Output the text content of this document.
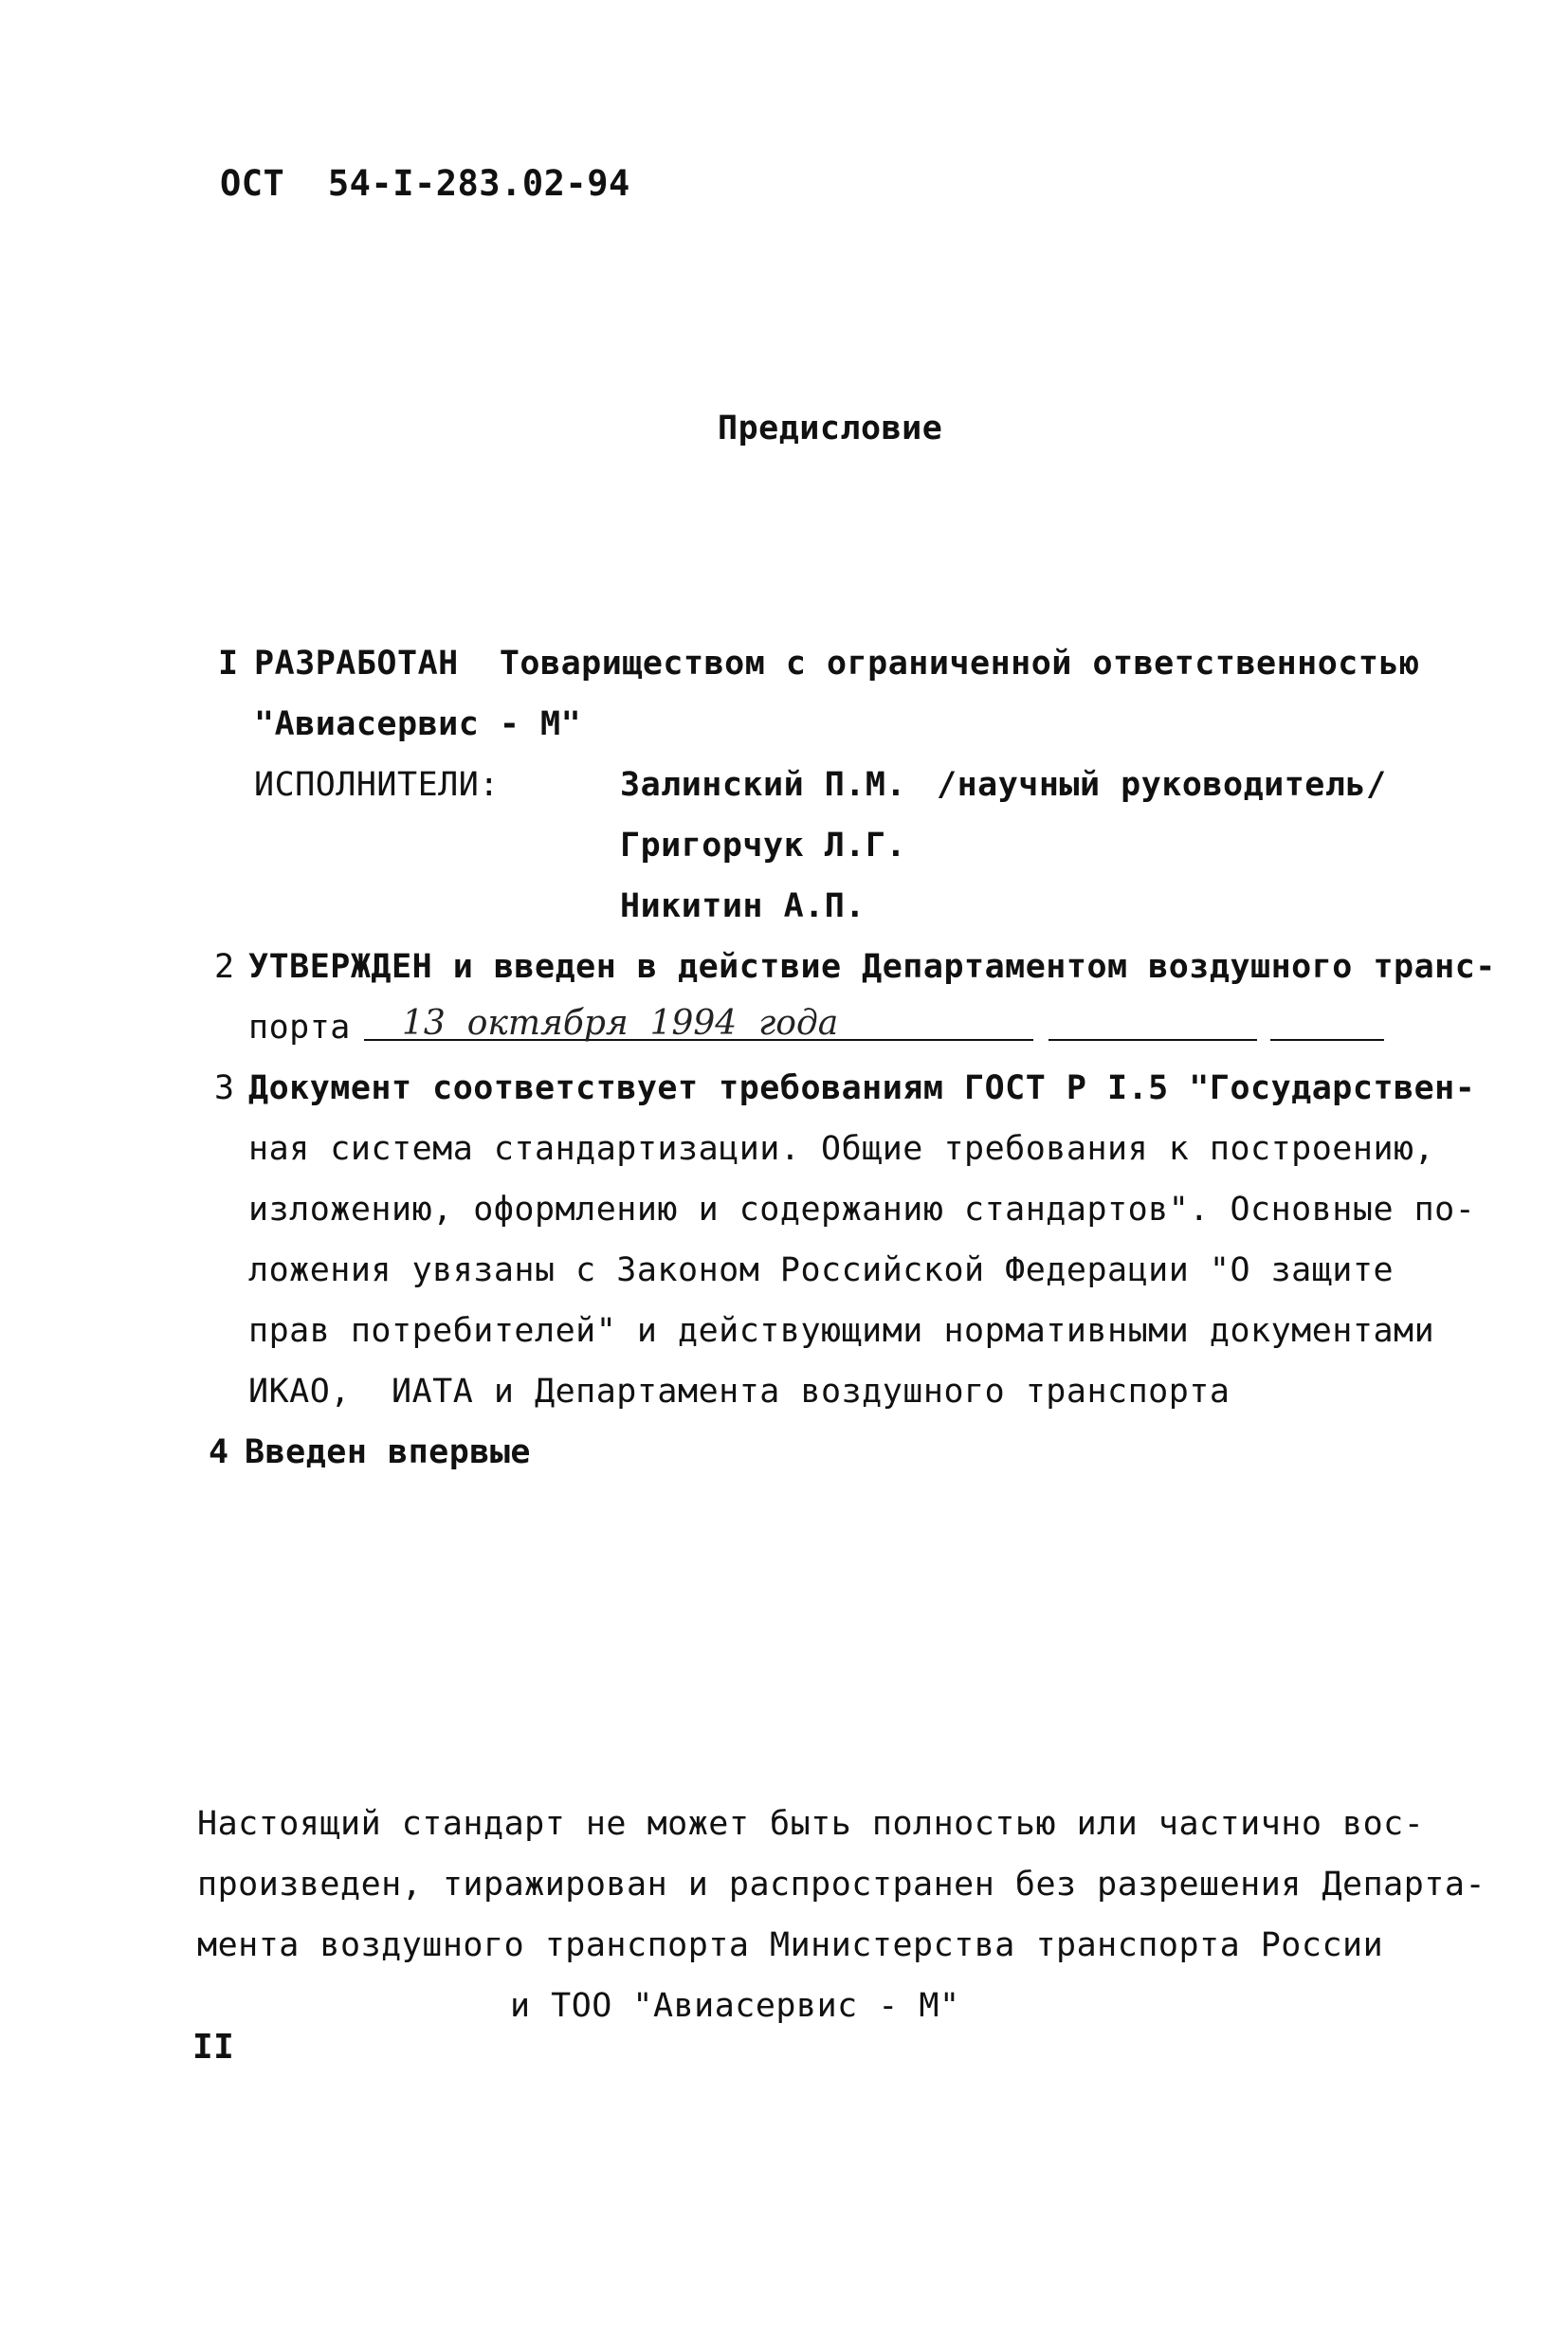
ОСТ  54-I-283.02-94
Предисловие
I РАЗРАБОТАН  Товариществом с ограниченной ответственностью
"Авиасервис - М"
ИСПОЛНИТЕЛИ:	Залинский П.М. /научный руководитель/
Григорчук Л.Г.
Никитин А.П.
2 УТВЕРЖДЕН и введен в действие Департаментом воздушного транс-
порта 13  октября  1994  года
3 Документ соответствует требованиям ГОСТ Р I.5 "Государствен-
ная система стандартизации. Общие требования к построению,
изложению, оформлению и содержанию стандартов". Основные по-
ложения увязаны с Законом Российской Федерации "О защите
прав потребителей" и действующими нормативными документами
ИКАО,  ИАТА и Департамента воздушного транспорта
4 Введен впервые
Настоящий стандарт не может быть полностью или частично вос-
произведен, тиражирован и распространен без разрешения Департа-
мента воздушного транспорта Министерства транспорта России
и ТОО "Авиасервис - М"
II
